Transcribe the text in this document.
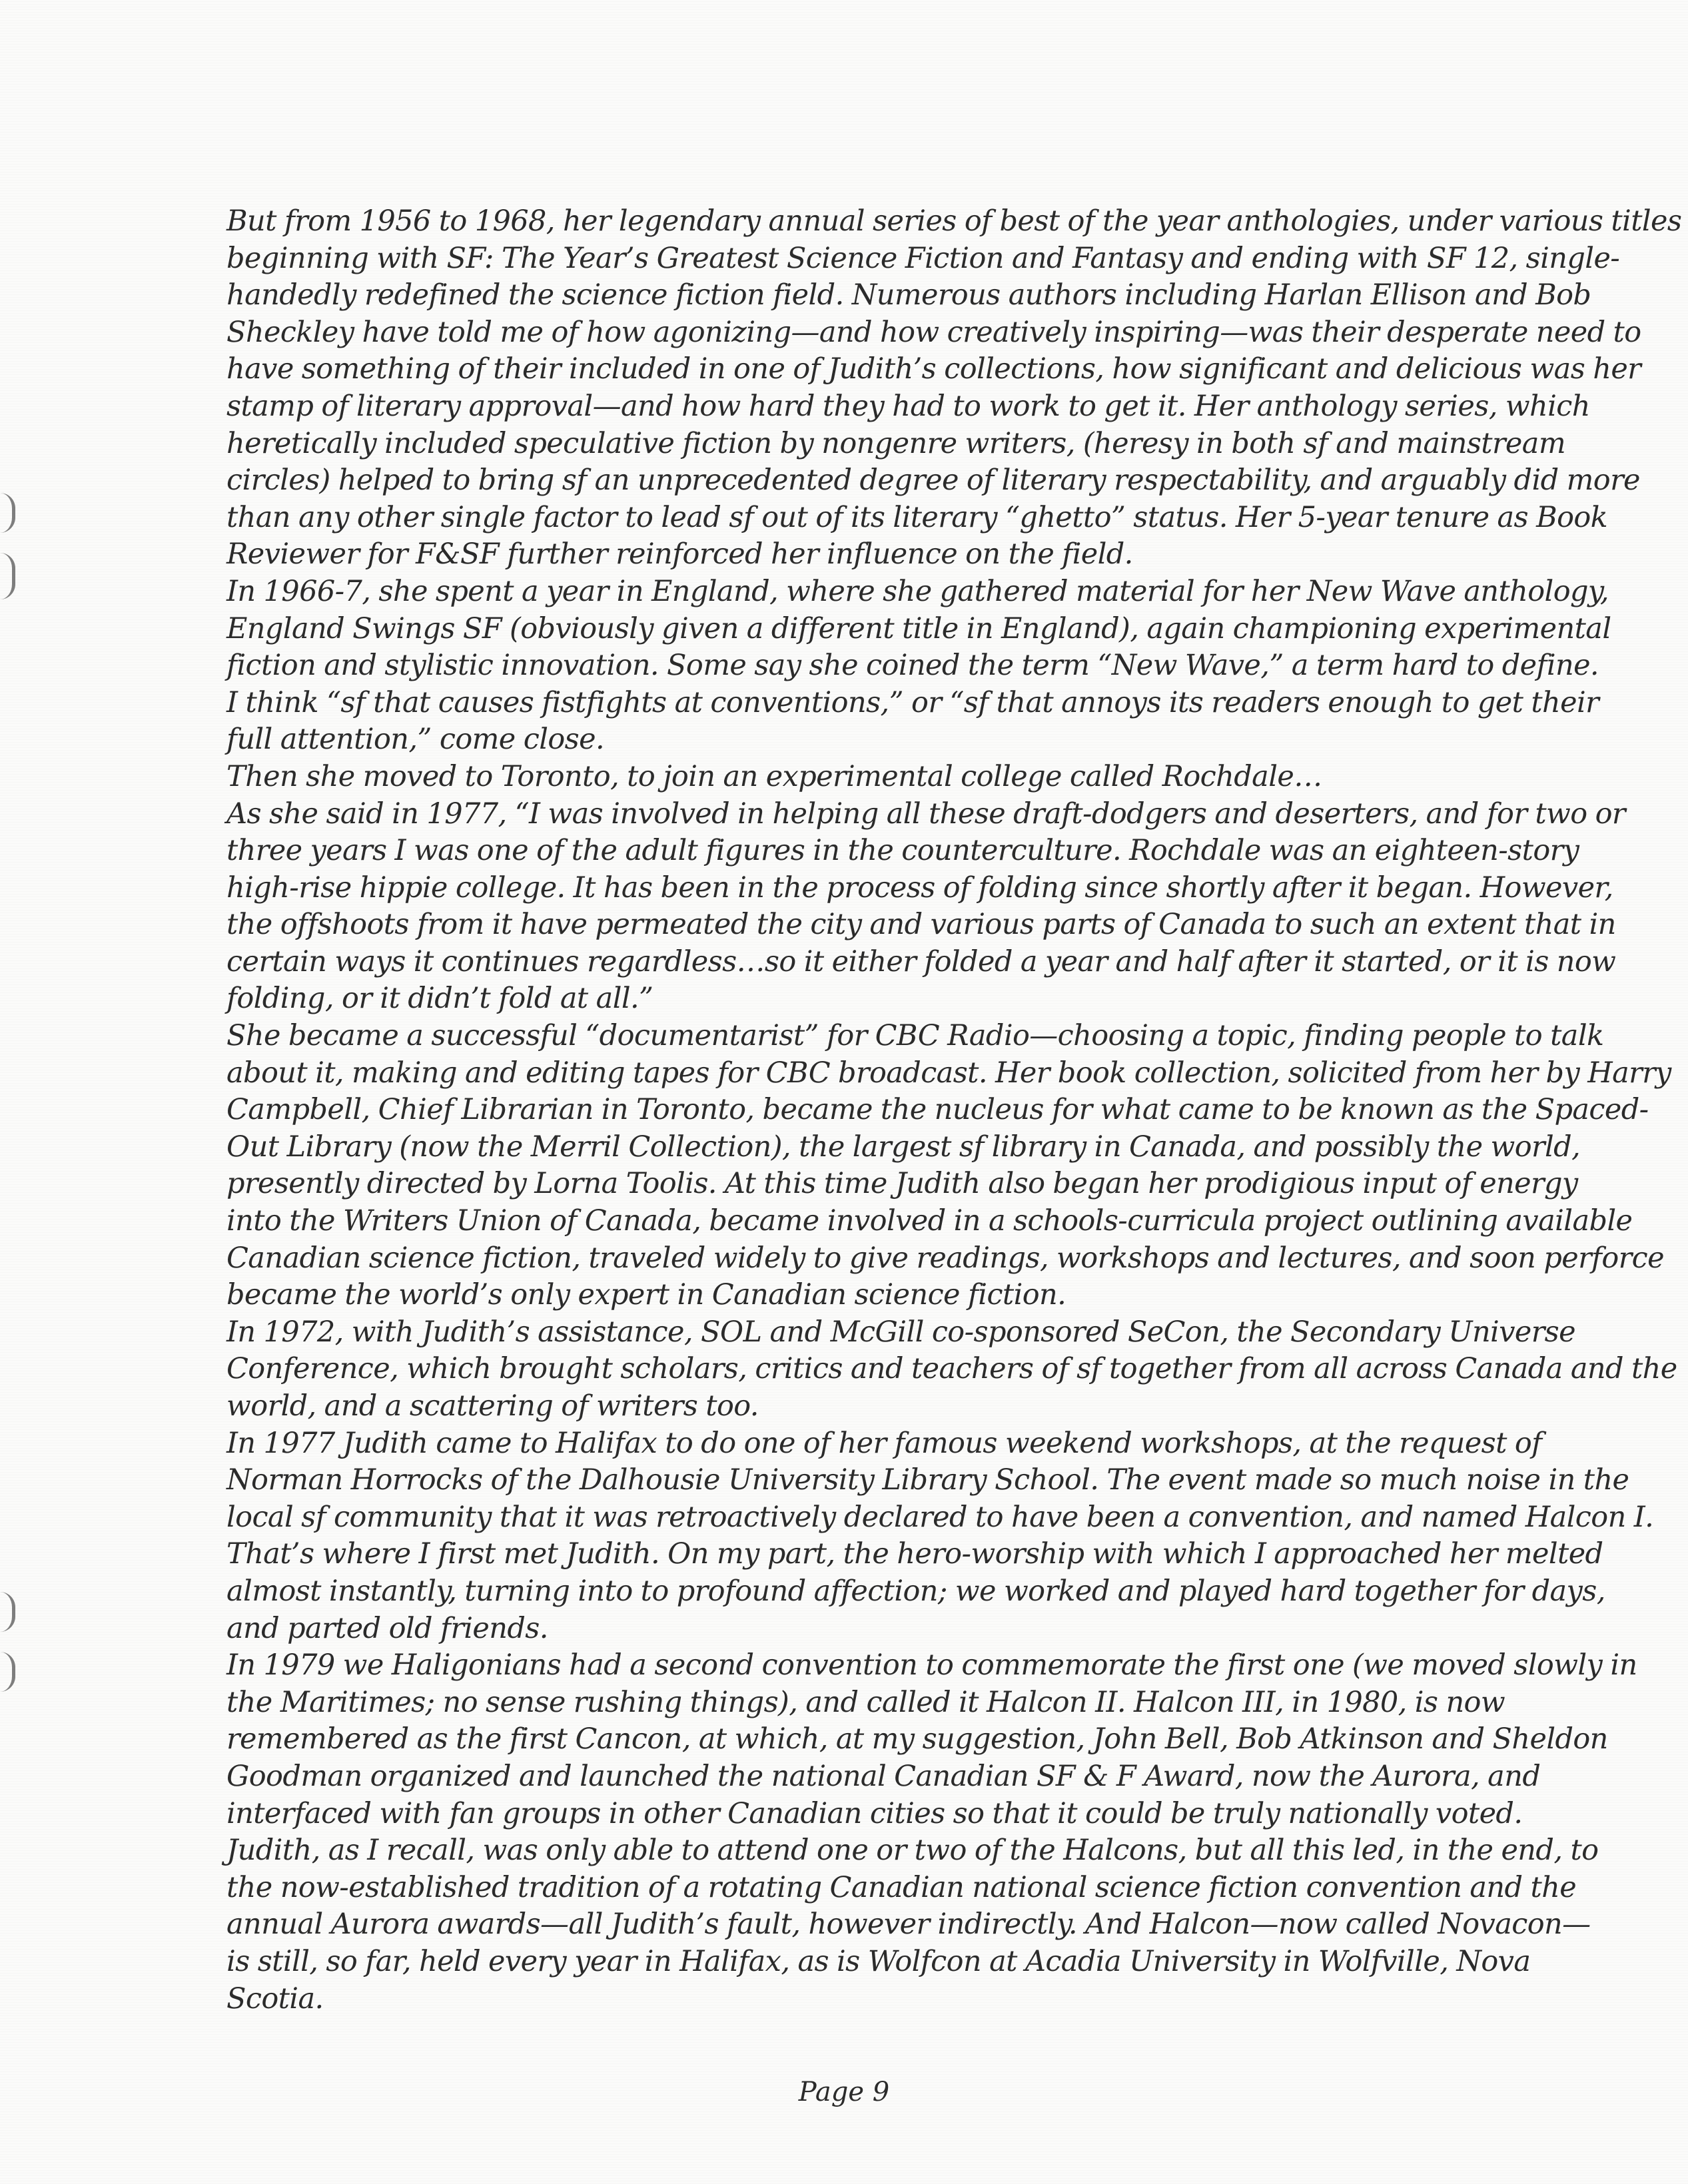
But from 1956 to 1968, her legendary annual series of best of the year anthologies, under various titles
beginning with SF: The Year’s Greatest Science Fiction and Fantasy and ending with SF 12, single-
handedly redefined the science fiction field. Numerous authors including Harlan Ellison and Bob
Sheckley have told me of how agonizing—and how creatively inspiring—was their desperate need to
have something of their included in one of Judith’s collections, how significant and delicious was her
stamp of literary approval—and how hard they had to work to get it. Her anthology series, which
heretically included speculative fiction by nongenre writers, (heresy in both sf and mainstream
circles) helped to bring sf an unprecedented degree of literary respectability, and arguably did more
than any other single factor to lead sf out of its literary “ghetto” status. Her 5-year tenure as Book
Reviewer for F&SF further reinforced her influence on the field.
In 1966-7, she spent a year in England, where she gathered material for her New Wave anthology,
England Swings SF (obviously given a different title in England), again championing experimental
fiction and stylistic innovation. Some say she coined the term “New Wave,” a term hard to define.
I think “sf that causes fistfights at conventions,” or “sf that annoys its readers enough to get their
full attention,” come close.
Then she moved to Toronto, to join an experimental college called Rochdale…
As she said in 1977, “I was involved in helping all these draft-dodgers and deserters, and for two or
three years I was one of the adult figures in the counterculture. Rochdale was an eighteen-story
high-rise hippie college. It has been in the process of folding since shortly after it began. However,
the offshoots from it have permeated the city and various parts of Canada to such an extent that in
certain ways it continues regardless…so it either folded a year and half after it started, or it is now
folding, or it didn’t fold at all.”
She became a successful “documentarist” for CBC Radio—choosing a topic, finding people to talk
about it, making and editing tapes for CBC broadcast. Her book collection, solicited from her by Harry
Campbell, Chief Librarian in Toronto, became the nucleus for what came to be known as the Spaced-
Out Library (now the Merril Collection), the largest sf library in Canada, and possibly the world,
presently directed by Lorna Toolis. At this time Judith also began her prodigious input of energy
into the Writers Union of Canada, became involved in a schools-curricula project outlining available
Canadian science fiction, traveled widely to give readings, workshops and lectures, and soon perforce
became the world’s only expert in Canadian science fiction.
In 1972, with Judith’s assistance, SOL and McGill co-sponsored SeCon, the Secondary Universe
Conference, which brought scholars, critics and teachers of sf together from all across Canada and the
world, and a scattering of writers too.
In 1977 Judith came to Halifax to do one of her famous weekend workshops, at the request of
Norman Horrocks of the Dalhousie University Library School. The event made so much noise in the
local sf community that it was retroactively declared to have been a convention, and named Halcon I.
That’s where I first met Judith. On my part, the hero-worship with which I approached her melted
almost instantly, turning into to profound affection; we worked and played hard together for days,
and parted old friends.
In 1979 we Haligonians had a second convention to commemorate the first one (we moved slowly in
the Maritimes; no sense rushing things), and called it Halcon II. Halcon III, in 1980, is now
remembered as the first Cancon, at which, at my suggestion, John Bell, Bob Atkinson and Sheldon
Goodman organized and launched the national Canadian SF & F Award, now the Aurora, and
interfaced with fan groups in other Canadian cities so that it could be truly nationally voted.
Judith, as I recall, was only able to attend one or two of the Halcons, but all this led, in the end, to
the now-established tradition of a rotating Canadian national science fiction convention and the
annual Aurora awards—all Judith’s fault, however indirectly. And Halcon—now called Novacon—
is still, so far, held every year in Halifax, as is Wolfcon at Acadia University in Wolfville, Nova
Scotia.
Page 9
